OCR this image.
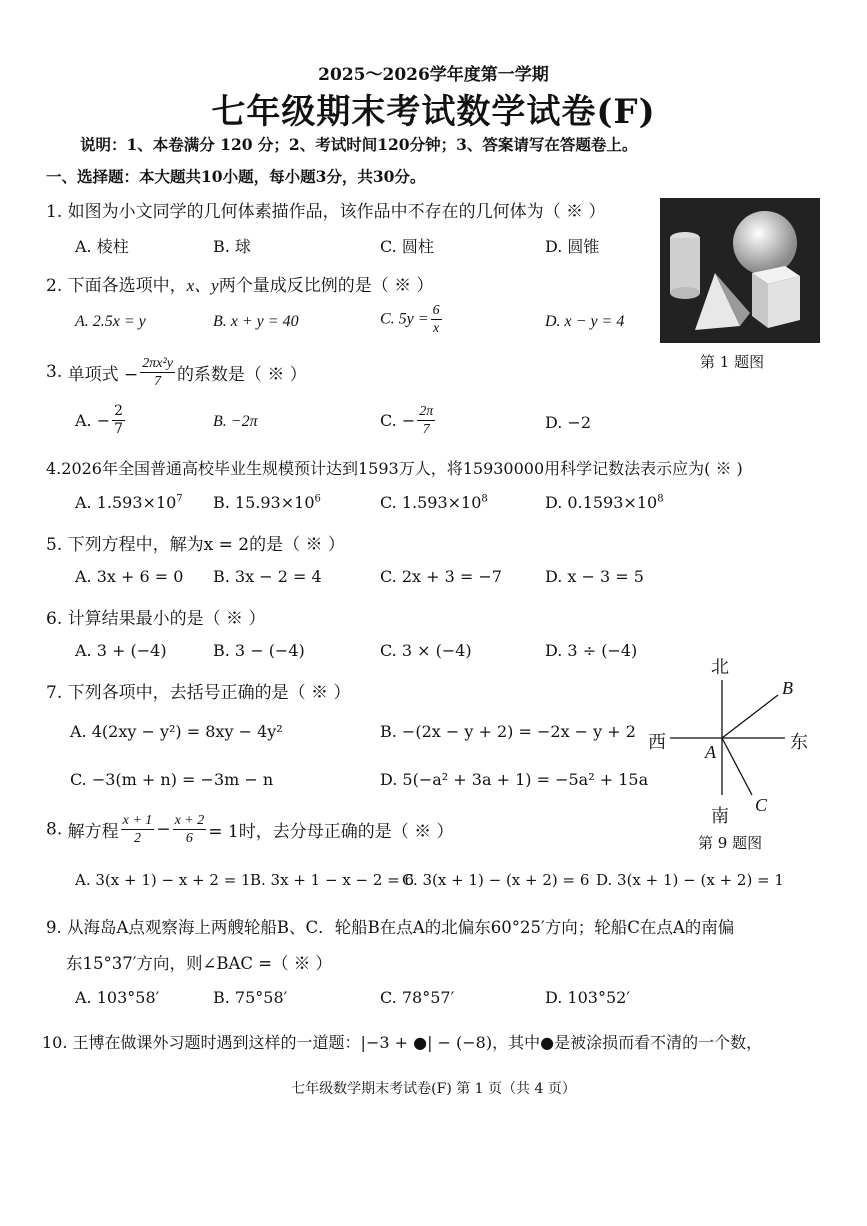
2025～2026学年度第一学期
七年级期末考试数学试卷(F)
说明：1、本卷满分 120 分；2、考试时间120分钟；3、答案请写在答题卷上。
一、选择题：本大题共10小题，每小题3分，共30分。
1. 如图为小文同学的几何体素描作品，该作品中不存在的几何体为（ ※ ）
A. 棱柱	B. 球	C. 圆柱	D. 圆锥
第 1 题图
2. 下面各选项中，x、y两个量成反比例的是（ ※ ）
A. 2.5x = y	B. x + y = 40	C. $5y = \frac{6}{x}$	D. x − y = 4
3. 单项式 − $\frac{\text{2πx²y}}{7}$ 的系数是（ ※ ）
A. − $\frac{2}{7}$	B. −2π	C. − $\frac{2\pi}{7}$	D. −2
4.2026年全国普通高校毕业生规模预计达到1593万人，将15930000用科学记数法表示应为( ※ )
A. $1.593\times 10^7$ B. $15.93\times 10^6$	C. $1.593\times 10^8$	D. $0.1593\times 10^8$
5. 下列方程中，解为x = 2的是（ ※ ）
A. 3x + 6 = 0 B. 3x − 2 = 4	C. 2x + 3 = −7	D. x − 3 = 5
6. 计算结果最小的是（ ※ ）
A. 3 + (−4)	B. 3 − (−4)	C. 3 × (−4)	D. 3 ÷ (−4)
7. 下列各项中，去括号正确的是（ ※ ）
A. 4(2xy − y²) = 8xy − 4y²	B. −(2x − y + 2) = −2x − y + 2
C. −3(m + n) = −3m − n	D. 5(−a² + 3a + 1) = −5a² + 15a
北
南
东
西 A
B
C
第 9 题图
8. 解方程 $\frac{x + 1}{2} - \frac{x + 2}{6} = 1$时，去分母正确的是（ ※ ）
A. 3(x + 1) − x + 2 = 1 B. 3x + 1 − x − 2 = 6
C. 3(x + 1) − (x + 2) = 6 D. 3(x + 1) − (x + 2) = 1
9. 从海岛A点观察海上两艘轮船B、C．轮船B在点A的北偏东60°25′方向；轮船C在点A的南偏
东15°37′方向，则∠BAC =（ ※ ）
A. 103°58′	B. 75°58′	C. 78°57′	D. 103°52′
10. 王博在做课外习题时遇到这样的一道题：|−3 + ●| − (−8)，其中●是被涂损而看不清的一个数，
七年级数学期末考试卷(F) 第 1 页（共 4 页）
